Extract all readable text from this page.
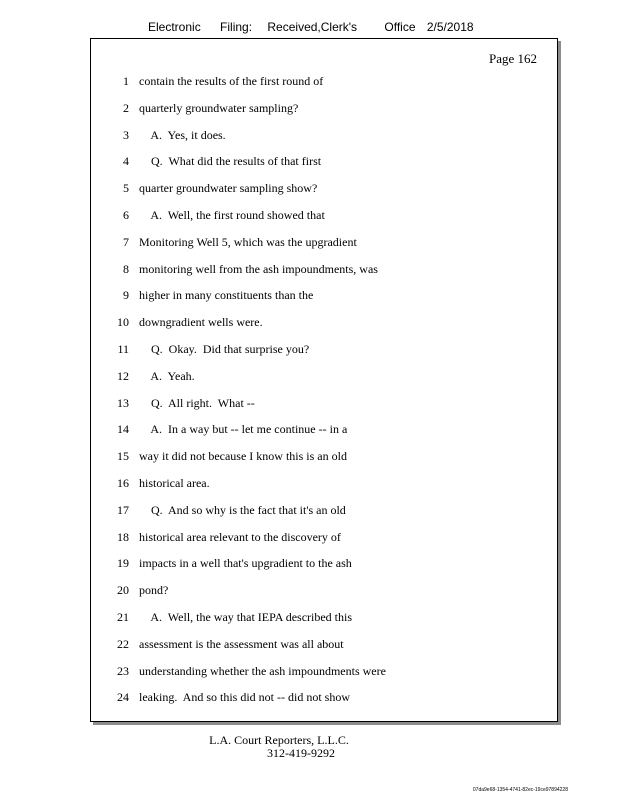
Electronic Filing: Received,Clerk's Office 2/5/2018
Page 162
1 contain the results of the first round of
2 quarterly groundwater sampling?
3 A.  Yes, it does.
4 Q.  What did the results of that first
5 quarter groundwater sampling show?
6 A.  Well, the first round showed that
7 Monitoring Well 5, which was the upgradient
8 monitoring well from the ash impoundments, was
9 higher in many constituents than the
10 downgradient wells were.
11 Q.  Okay.  Did that surprise you?
12 A.  Yeah.
13 Q.  All right.  What --
14 A.  In a way but -- let me continue -- in a
15 way it did not because I know this is an old
16 historical area.
17 Q.  And so why is the fact that it's an old
18 historical area relevant to the discovery of
19 impacts in a well that's upgradient to the ash
20 pond?
21 A.  Well, the way that IEPA described this
22 assessment is the assessment was all about
23 understanding whether the ash impoundments were
24 leaking.  And so this did not -- did not show
L.A. Court Reporters, L.L.C.
312-419-9292
07da9e68-1354-4741-82ec-19ce97894228
